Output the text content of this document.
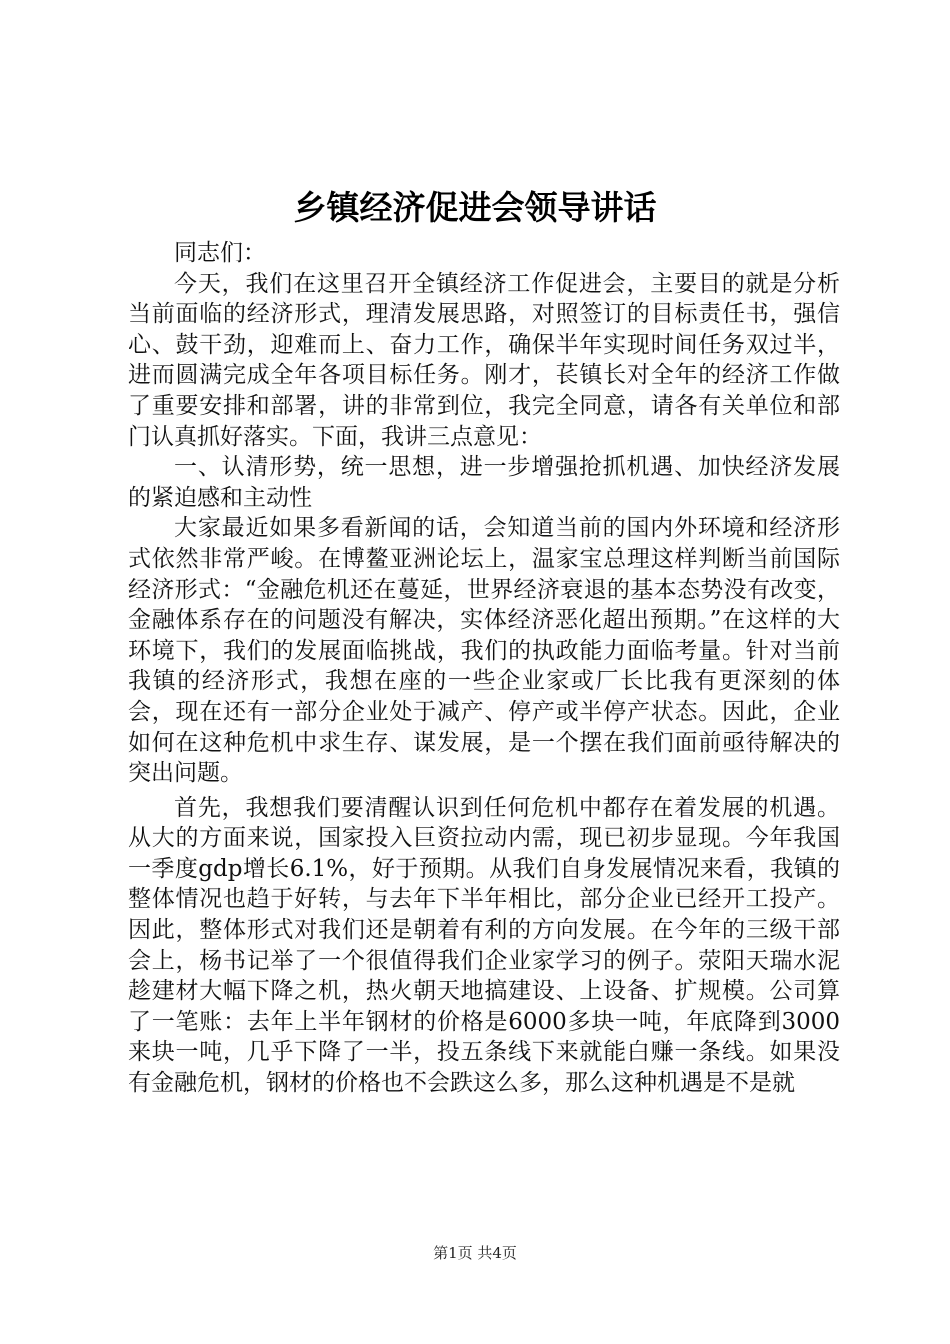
乡镇经济促进会领导讲话

同志们：

今天，我们在这里召开全镇经济工作促进会，主要目的就是分析当前面临的经济形式，理清发展思路，对照签订的目标责任书，强信心、鼓干劲，迎难而上、奋力工作，确保半年实现时间任务双过半，进而圆满完成全年各项目标任务。刚才，苌镇长对全年的经济工作做了重要安排和部署，讲的非常到位，我完全同意，请各有关单位和部门认真抓好落实。下面，我讲三点意见：

一、认清形势，统一思想，进一步增强抢抓机遇、加快经济发展的紧迫感和主动性

大家最近如果多看新闻的话，会知道当前的国内外环境和经济形式依然非常严峻。在博鳌亚洲论坛上，温家宝总理这样判断当前国际经济形式：“金融危机还在蔓延，世界经济衰退的基本态势没有改变，金融体系存在的问题没有解决，实体经济恶化超出预期。”在这样的大环境下，我们的发展面临挑战，我们的执政能力面临考量。针对当前我镇的经济形式，我想在座的一些企业家或厂长比我有更深刻的体会，现在还有一部分企业处于减产、停产或半停产状态。因此，企业如何在这种危机中求生存、谋发展，是一个摆在我们面前亟待解决的突出问题。

首先，我想我们要清醒认识到任何危机中都存在着发展的机遇。从大的方面来说，国家投入巨资拉动内需，现已初步显现。今年我国一季度gdp增长6.1%，好于预期。从我们自身发展情况来看，我镇的整体情况也趋于好转，与去年下半年相比，部分企业已经开工投产。因此，整体形式对我们还是朝着有利的方向发展。在今年的三级干部会上，杨书记举了一个很值得我们企业家学习的例子。荥阳天瑞水泥趁建材大幅下降之机，热火朝天地搞建设、上设备、扩规模。公司算了一笔账：去年上半年钢材的价格是6000多块一吨，年底降到3000来块一吨，几乎下降了一半，投五条线下来就能白赚一条线。如果没有金融危机，钢材的价格也不会跌这么多，那么这种机遇是不是就

第1页 共4页
